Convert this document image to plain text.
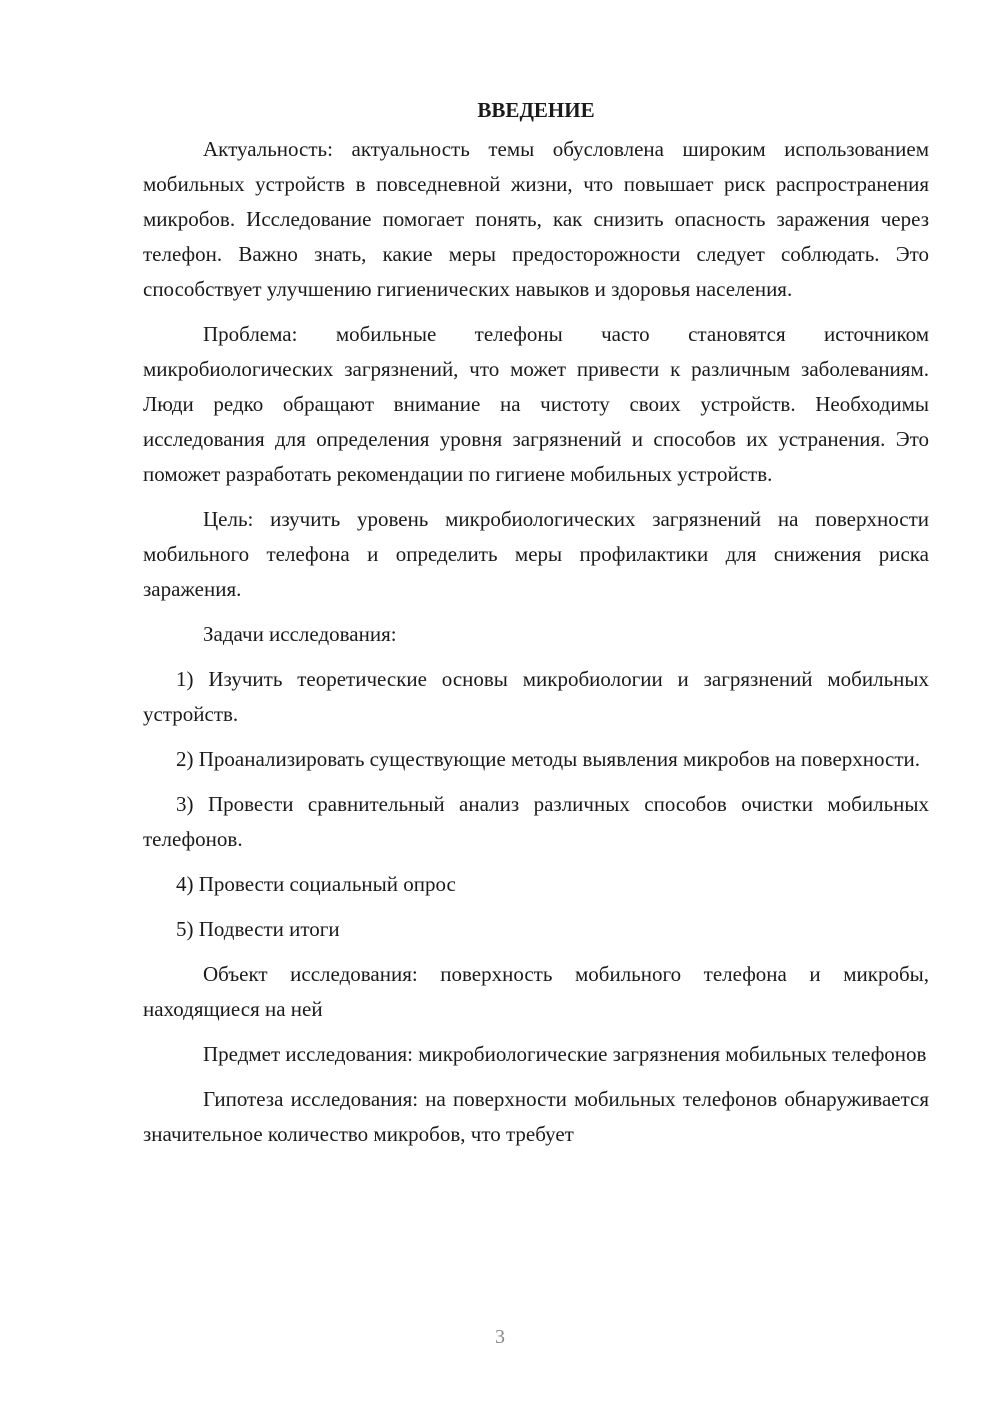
ВВЕДЕНИЕ

Актуальность: актуальность темы обусловлена широким использованием мобильных устройств в повседневной жизни, что повышает риск распространения микробов. Исследование помогает понять, как снизить опасность заражения через телефон. Важно знать, какие меры предосторожности следует соблюдать. Это способствует улучшению гигиенических навыков и здоровья населения.

Проблема: мобильные телефоны часто становятся источником микробиологических загрязнений, что может привести к различным заболеваниям. Люди редко обращают внимание на чистоту своих устройств. Необходимы исследования для определения уровня загрязнений и способов их устранения. Это поможет разработать рекомендации по гигиене мобильных устройств.

Цель: изучить уровень микробиологических загрязнений на поверхности мобильного телефона и определить меры профилактики для снижения риска заражения.

Задачи исследования:

1) Изучить теоретические основы микробиологии и загрязнений мобильных устройств.

2) Проанализировать существующие методы выявления микробов на поверхности.

3) Провести сравнительный анализ различных способов очистки мобильных телефонов.

4) Провести социальный опрос

5) Подвести итоги

Объект исследования: поверхность мобильного телефона и микробы, находящиеся на ней

Предмет исследования: микробиологические загрязнения мобильных телефонов

Гипотеза исследования: на поверхности мобильных телефонов обнаруживается значительное количество микробов, что требует

3
